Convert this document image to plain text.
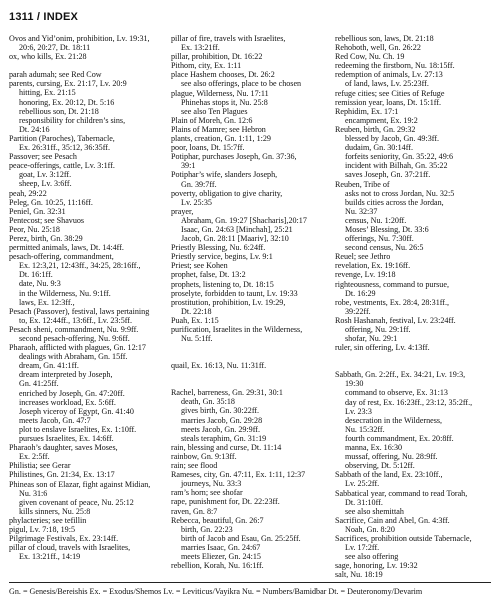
1311 / INDEX
Ovos and Yid’onim, prohibition, Lv. 19:31,
20:6, 20:27, Dt. 18:11
ox, who kills, Ex. 21:28
parah adumah; see Red Cow
parents, cursing, Ex. 21:17, Lv. 20:9
hitting, Ex. 21:15
honoring, Ex. 20:12, Dt. 5:16
rebellious son, Dt. 21:18
responsibility for children’s sins,
Dt. 24:16
Partition (Paroches), Tabernacle,
Ex. 26:31ff., 35:12, 36:35ff.
Passover; see Pesach
peace-offerings, cattle, Lv. 3:1ff.
goat, Lv. 3:12ff.
sheep, Lv. 3:6ff.
peah, 29:22
Peleg, Gn. 10:25, 11:16ff.
Peniel, Gn. 32:31
Pentecost; see Shavuos
Peor, Nu. 25:18
Perez, birth, Gn. 38:29
permitted animals, laws, Dt. 14:4ff.
pesach-offering, commandment,
Ex. 12:3,21, 12:43ff., 34:25, 28:16ff.,
Dt. 16:1ff.
date, Nu. 9:3
in the Wilderness, Nu. 9:1ff.
laws, Ex. 12:3ff.,
Pesach (Passover), festival, laws pertaining
to, Ex. 12:44ff., 13:6ff., Lv. 23:5ff.
Pesach sheni, commandment, Nu. 9:9ff.
second pesach-offering, Nu. 9:6ff.
Pharaoh, afflicted with plagues, Gn. 12:17
dealings with Abraham, Gn. 15ff.
dream, Gn. 41:1ff.
dream interpreted by Joseph,
Gn. 41:25ff.
enriched by Joseph, Gn. 47:20ff.
increases workload, Ex. 5:6ff.
Joseph viceroy of Egypt, Gn. 41:40
meets Jacob, Gn. 47:7
plot to enslave Israelites, Ex. 1:10ff.
pursues Israelites, Ex. 14:6ff.
Pharaoh’s daughter, saves Moses,
Ex. 2:5ff.
Philistia; see Gerar
Philistines, Gn. 21:34, Ex. 13:17
Phineas son of Elazar, fight against Midian,
Nu. 31:6
given covenant of peace, Nu. 25:12
kills sinners, Nu. 25:8
phylacteries; see tefillin
pigul, Lv. 7:18, 19:5
Pilgrimage Festivals, Ex. 23:14ff.
pillar of cloud, travels with Israelites,
Ex. 13:21ff., 14:19
pillar of fire, travels with Israelites,
Ex. 13:21ff.
pillar, prohibition, Dt. 16:22
Pithom, city, Ex. 1:11
place Hashem chooses, Dt. 26:2
see also offerings, place to be chosen
plague, Wilderness, Nu. 17:11
Phinehas stops it, Nu. 25:8
see also Ten Plagues
Plain of Moreh, Gn. 12:6
Plains of Mamre; see Hebron
plants, creation, Gn. 1:11, 1:29
poor, loans, Dt. 15:7ff.
Potiphar, purchases Joseph, Gn. 37:36,
39:1
Potiphar’s wife, slanders Joseph,
Gn. 39:7ff.
poverty, obligation to give charity,
Lv. 25:35
prayer,
Abraham, Gn. 19:27 [Shacharis],20:17
Isaac, Gn. 24:63 [Minchah], 25:21
Jacob, Gn. 28:11 [Maariv], 32:10
Priestly Blessing, Nu. 6:24ff.
Priestly service, begins, Lv. 9:1
Priest; see Kohen
prophet, false, Dt. 13:2
prophets, listening to, Dt. 18:15
proselyte, forbidden to taunt, Lv. 19:33
prostitution, prohibition, Lv. 19:29,
Dt. 22:18
Puah, Ex. 1:15
purification, Israelites in the Wilderness,
Nu. 5:1ff.
quail, Ex. 16:13, Nu. 11:31ff.
Rachel, barreness, Gn. 29:31, 30:1
death, Gn. 35:18
gives birth, Gn. 30:22ff.
marries Jacob, Gn. 29:28
meets Jacob, Gn. 29:9ff.
steals teraphim, Gn. 31:19
rain, blessing and curse, Dt. 11:14
rainbow, Gn. 9:13ff.
rain; see flood
Rameses, city, Gn. 47:11, Ex. 1:11, 12:37
journeys, Nu. 33:3
ram’s horn; see shofar
rape, punishment for, Dt. 22:23ff.
raven, Gn. 8:7
Rebecca, beautiful, Gn. 26:7
birth, Gn. 22:23
birth of Jacob and Esau, Gn. 25:25ff.
marries Isaac, Gn. 24:67
meets Eliezer, Gn. 24:15
rebellion, Korah, Nu. 16:1ff.
rebellious son, laws, Dt. 21:18
Rehoboth, well, Gn. 26:22
Red Cow, Nu. Ch. 19
redeeming the firstborn, Nu. 18:15ff.
redemption of animals, Lv. 27:13
of land, laws, Lv. 25:23ff.
refuge cities; see Cities of Refuge
remission year, loans, Dt. 15:1ff.
Rephidim, Ex. 17:1
encampment, Ex. 19:2
Reuben, birth, Gn. 29:32
blessed by Jacob, Gn. 49:3ff.
dudaim, Gn. 30:14ff.
forfeits seniority, Gn. 35:22, 49:6
incident with Bilhah, Gn. 35:22
saves Joseph, Gn. 37:21ff.
Reuben, Tribe of
asks not to cross Jordan, Nu. 32:5
builds cities across the Jordan,
Nu. 32:37
census, Nu. 1:20ff.
Moses’ Blessing, Dt. 33:6
offerings, Nu. 7:30ff.
second census, Nu. 26:5
Reuel; see Jethro
revelation, Ex. 19:16ff.
revenge, Lv. 19:18
righteousness, command to pursue,
Dt. 16:29
robe, vestments, Ex. 28:4, 28:31ff.,
39:22ff.
Rosh Hashanah, festival, Lv. 23:24ff.
offering, Nu. 29:1ff.
shofar, Nu. 29:1
ruler, sin offering, Lv. 4:13ff.
Sabbath, Gn. 2:2ff., Ex. 34:21, Lv. 19:3,
19:30
command to observe, Ex. 31:13
day of rest, Ex. 16:23ff., 23:12, 35:2ff.,
Lv. 23:3
desecration in the Wilderness,
Nu. 15:32ff.
fourth commandment, Ex. 20:8ff.
manna, Ex. 16:30
mussaf, offering, Nu. 28:9ff.
observing, Dt. 5:12ff.
Sabbath of the land, Ex. 23:10ff.,
Lv. 25:2ff.
Sabbatical year, command to read Torah,
Dt. 31:10ff.
see also shemittah
Sacrifice, Cain and Abel, Gn. 4:3ff.
Noah, Gn. 8:20
Sacrifices, prohibition outside Tabernacle,
Lv. 17:2ff.
see also offering
sage, honoring, Lv. 19:32
salt, Nu. 18:19
Gn. = Genesis/Bereishis Ex. = Exodus/Shemos Lv. = Leviticus/Vayikra Nu. = Numbers/Bamidbar Dt. = Deuteronomy/Devarim
